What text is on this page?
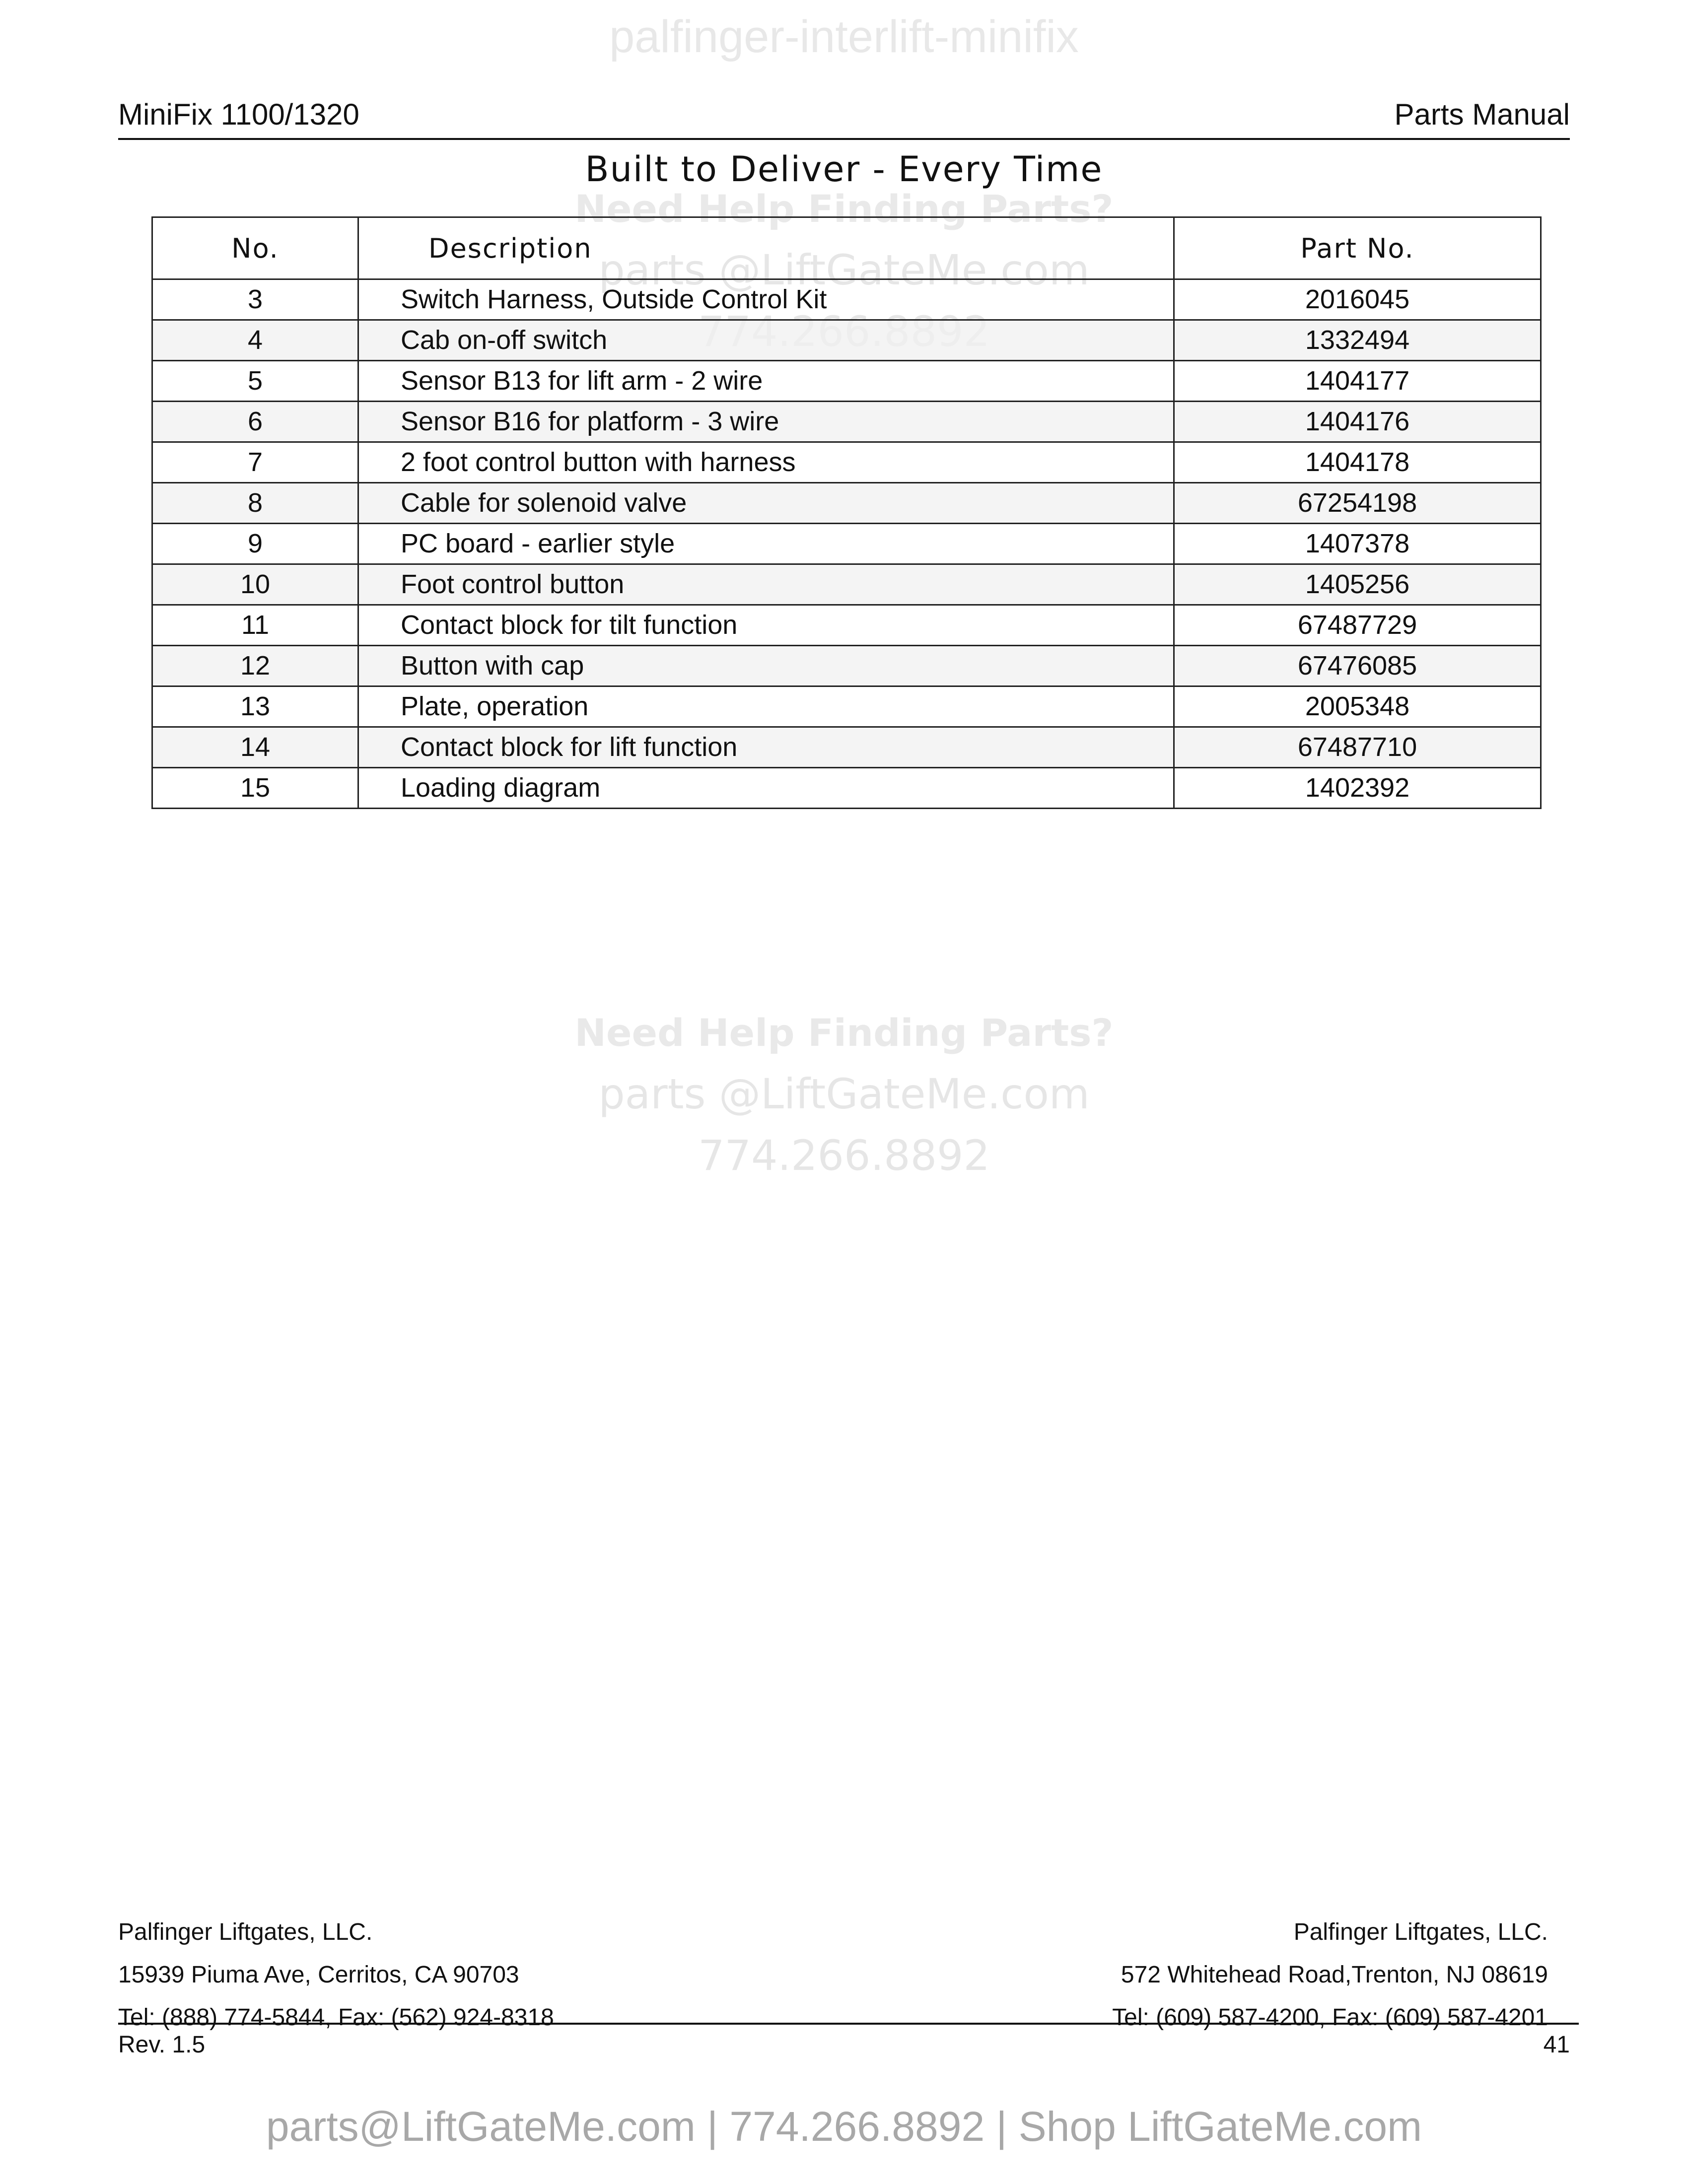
palfinger-interlift-minifix
MiniFix 1100/1320	Parts Manual
Built to Deliver - Every Time
Need Help Finding Parts?
parts @LiftGateMe.com
No.	Description	Part No.
3	Switch Harness, Outside Control Kit	2016045
4	Cab on-off switch	1332494
5	Sensor B13 for lift arm - 2 wire	1404177
6	Sensor B16 for platform - 3 wire	1404176
7	2 foot control button with harness	1404178
8	Cable for solenoid valve	67254198
9	PC board - earlier style	1407378
10	Foot control button	1405256
11	Contact block for tilt function	67487729
12	Button with cap	67476085
13	Plate, operation	2005348
14	Contact block for lift function	67487710
15	Loading diagram	1402392
Need Help Finding Parts?
parts @LiftGateMe.com
774.266.8892
Palfinger Liftgates, LLC.
15939 Piuma Ave, Cerritos, CA 90703
Tel: (888) 774-5844, Fax: (562) 924-8318
Palfinger Liftgates, LLC.
572 Whitehead Road,Trenton, NJ 08619
Tel: (609) 587-4200, Fax: (609) 587-4201
Rev. 1.5	41
parts@LiftGateMe.com | 774.266.8892 | Shop LiftGateMe.com
